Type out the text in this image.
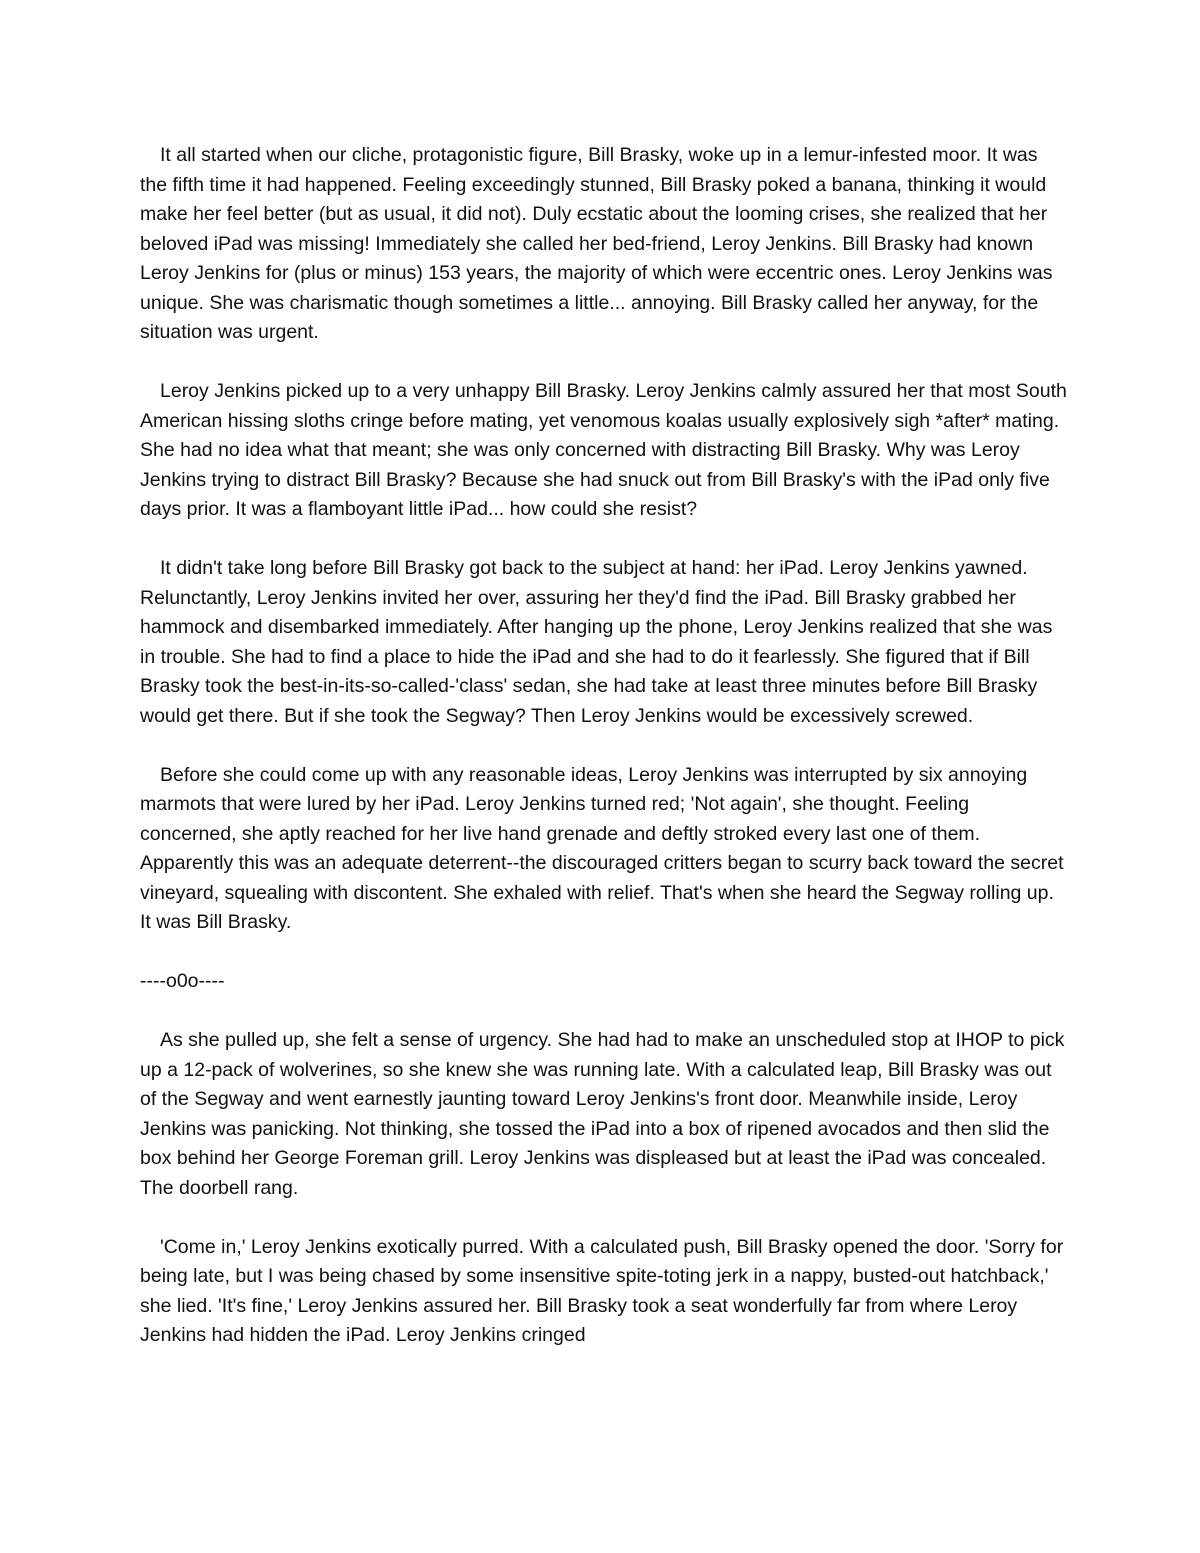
It all started when our cliche, protagonistic figure, Bill Brasky, woke up in a lemur-infested moor. It was the fifth time it had happened. Feeling exceedingly stunned, Bill Brasky poked a banana, thinking it would make her feel better (but as usual, it did not). Duly ecstatic about the looming crises, she realized that her beloved iPad was missing! Immediately she called her bed-friend, Leroy Jenkins. Bill Brasky had known Leroy Jenkins for (plus or minus) 153 years, the majority of which were eccentric ones. Leroy Jenkins was unique. She was charismatic though sometimes a little... annoying. Bill Brasky called her anyway, for the situation was urgent.

Leroy Jenkins picked up to a very unhappy Bill Brasky. Leroy Jenkins calmly assured her that most South American hissing sloths cringe before mating, yet venomous koalas usually explosively sigh *after* mating. She had no idea what that meant; she was only concerned with distracting Bill Brasky. Why was Leroy Jenkins trying to distract Bill Brasky? Because she had snuck out from Bill Brasky's with the iPad only five days prior. It was a flamboyant little iPad... how could she resist?

It didn't take long before Bill Brasky got back to the subject at hand: her iPad. Leroy Jenkins yawned. Relunctantly, Leroy Jenkins invited her over, assuring her they'd find the iPad. Bill Brasky grabbed her hammock and disembarked immediately. After hanging up the phone, Leroy Jenkins realized that she was in trouble. She had to find a place to hide the iPad and she had to do it fearlessly. She figured that if Bill Brasky took the best-in-its-so-called-'class' sedan, she had take at least three minutes before Bill Brasky would get there. But if she took the Segway? Then Leroy Jenkins would be excessively screwed.

Before she could come up with any reasonable ideas, Leroy Jenkins was interrupted by six annoying marmots that were lured by her iPad. Leroy Jenkins turned red; 'Not again', she thought. Feeling concerned, she aptly reached for her live hand grenade and deftly stroked every last one of them. Apparently this was an adequate deterrent--the discouraged critters began to scurry back toward the secret vineyard, squealing with discontent. She exhaled with relief. That's when she heard the Segway rolling up. It was Bill Brasky.

----o0o----

As she pulled up, she felt a sense of urgency. She had had to make an unscheduled stop at IHOP to pick up a 12-pack of wolverines, so she knew she was running late. With a calculated leap, Bill Brasky was out of the Segway and went earnestly jaunting toward Leroy Jenkins's front door. Meanwhile inside, Leroy Jenkins was panicking. Not thinking, she tossed the iPad into a box of ripened avocados and then slid the box behind her George Foreman grill. Leroy Jenkins was displeased but at least the iPad was concealed. The doorbell rang.

'Come in,' Leroy Jenkins exotically purred. With a calculated push, Bill Brasky opened the door. 'Sorry for being late, but I was being chased by some insensitive spite-toting jerk in a nappy, busted-out hatchback,' she lied. 'It's fine,' Leroy Jenkins assured her. Bill Brasky took a seat wonderfully far from where Leroy Jenkins had hidden the iPad. Leroy Jenkins cringed
